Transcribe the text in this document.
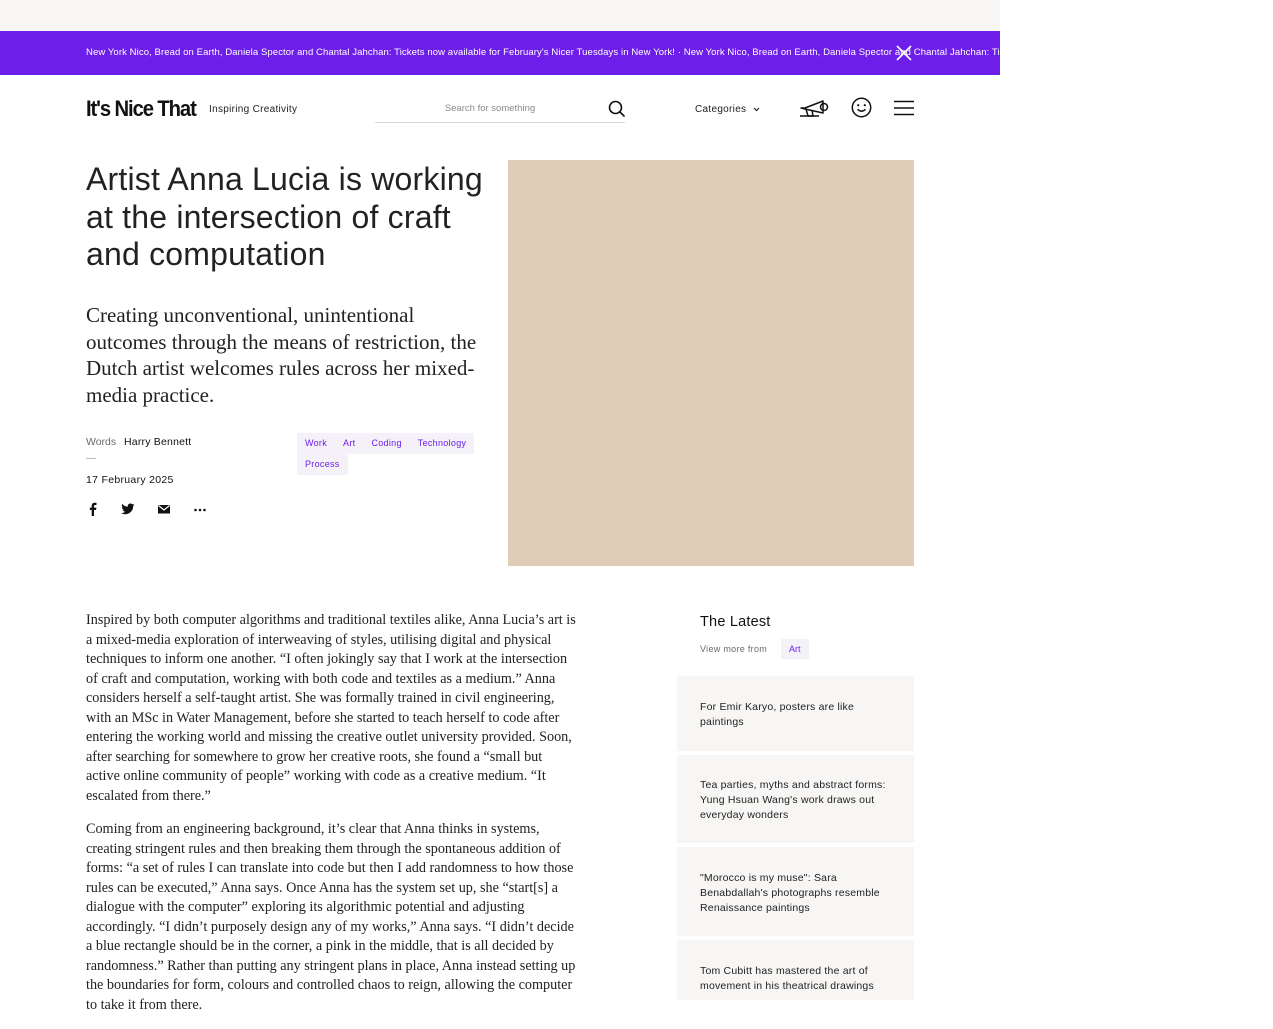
New York Nico, Bread on Earth, Daniela Spector and Chantal Jahchan: Tickets now available for February's Nicer Tuesdays in New York! · New York Nico, Bread on Earth, Daniela Spector and Chantal Jahchan: Tickets now available for February's Nicer Tuesdays in New York!
It's Nice That Inspiring Creativity
Search for something	Categories
Artist Anna Lucia is working at the intersection of craft and computation

Creating unconventional, unintentional outcomes through the means of restriction, the Dutch artist welcomes rules across her mixed-media practice.

Words Harry Bennett
—
17 February 2025
Work	Art	Coding	Technology
Process

Inspired by both computer algorithms and traditional textiles alike, Anna Lucia’s art is a mixed-media exploration of interweaving of styles, utilising digital and physical techniques to inform one another. “I often jokingly say that I work at the intersection of craft and computation, working with both code and textiles as a medium.” Anna considers herself a self-taught artist. She was formally trained in civil engineering, with an MSc in Water Management, before she started to teach herself to code after entering the working world and missing the creative outlet university provided. Soon, after searching for somewhere to grow her creative roots, she found a “small but active online community of people” working with code as a creative medium. “It escalated from there.”

Coming from an engineering background, it’s clear that Anna thinks in systems, creating stringent rules and then breaking them through the spontaneous addition of forms: “a set of rules I can translate into code but then I add randomness to how those rules can be executed,” Anna says. Once Anna has the system set up, she “start[s] a dialogue with the computer” exploring its algorithmic potential and adjusting accordingly. “I didn’t purposely design any of my works,” Anna says. “I didn’t decide a blue rectangle should be in the corner, a pink in the middle, that is all decided by randomness.” Rather than putting any stringent plans in place, Anna instead setting up the boundaries for form, colours and controlled chaos to reign, allowing the computer to take it from there.

The Latest
View more from	Art
For Emir Karyo, posters are like paintings
Tea parties, myths and abstract forms: Yung Hsuan Wang's work draws out everyday wonders
"Morocco is my muse": Sara Benabdallah's photographs resemble Renaissance paintings
Tom Cubitt has mastered the art of movement in his theatrical drawings
